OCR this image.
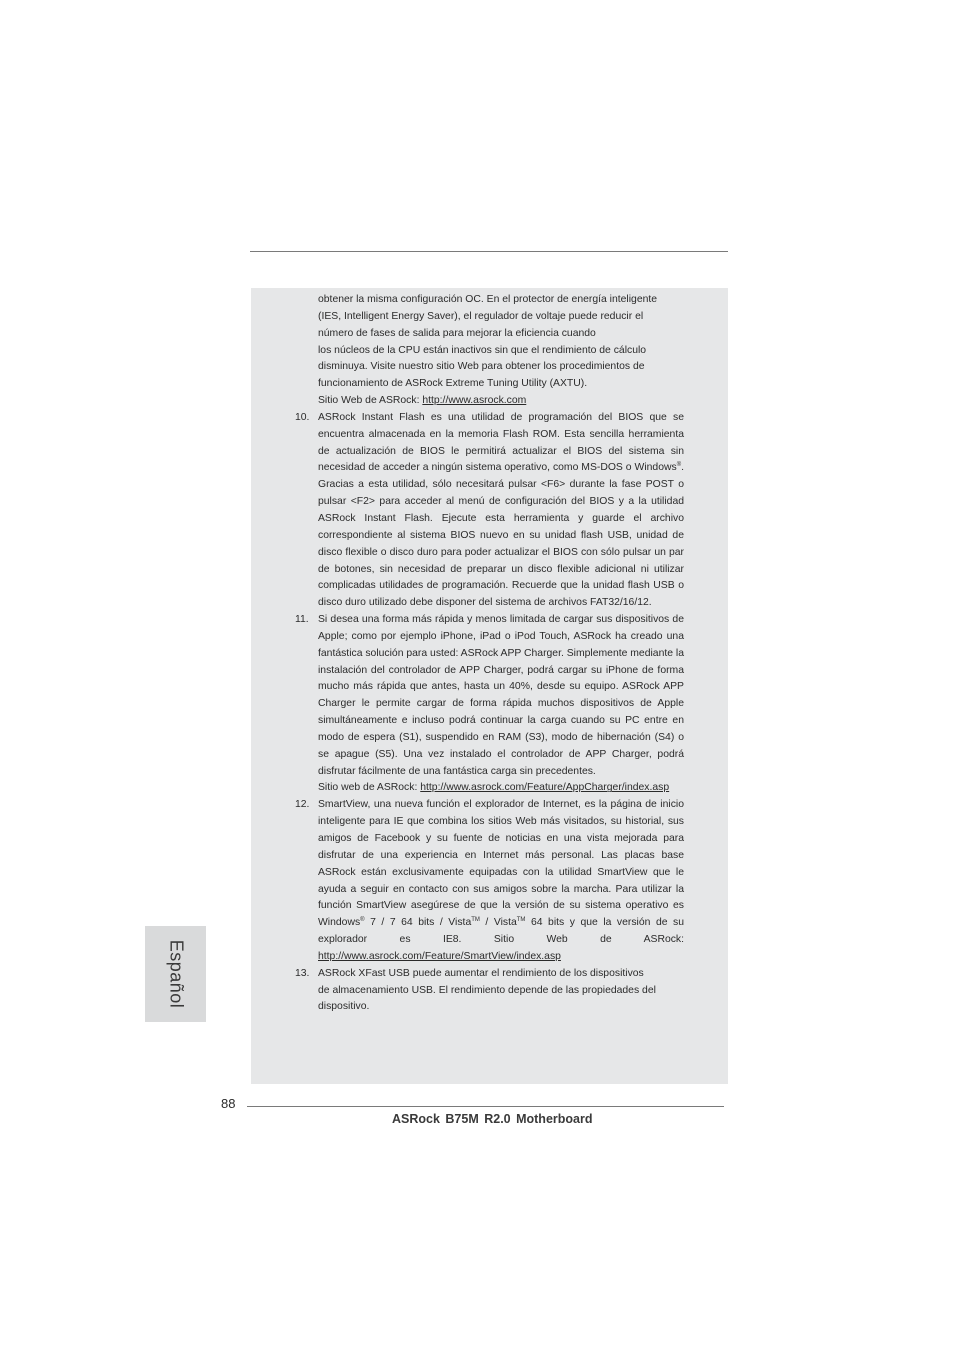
obtener la misma configuración OC. En el protector de energía inteligente

(IES, Intelligent Energy Saver), el regulador de voltaje puede reducir el

número de fases de salida para mejorar la eficiencia cuando

los núcleos de la CPU están inactivos sin que el rendimiento de cálculo

disminuya. Visite nuestro sitio Web para obtener los procedimientos de

funcionamiento de ASRock Extreme Tuning Utility (AXTU).

Sitio Web de ASRock: http://www.asrock.com

10. ASRock Instant Flash es una utilidad de programación del BIOS que se encuentra almacenada en la memoria Flash ROM. Esta sencilla herramienta de actualización de BIOS le permitirá actualizar el BIOS del sistema sin necesidad de acceder a ningún sistema operativo, como MS-DOS o Windows®. Gracias a esta utilidad, sólo necesitará pulsar <F6> durante la fase POST o pulsar <F2> para acceder al menú de configuración del BIOS y a la utilidad ASRock Instant Flash. Ejecute esta herramienta y guarde el archivo correspondiente al sistema BIOS nuevo en su unidad flash USB, unidad de disco flexible o disco duro para poder actualizar el BIOS con sólo pulsar un par de botones, sin necesidad de preparar un disco flexible adicional ni utilizar complicadas utilidades de programación. Recuerde que la unidad flash USB o disco duro utilizado debe disponer del sistema de archivos FAT32/16/12.

11. Si desea una forma más rápida y menos limitada de cargar sus dispositivos de Apple; como por ejemplo iPhone, iPad o iPod Touch, ASRock ha creado una fantástica solución para usted: ASRock APP Charger. Simplemente mediante la instalación del controlador de APP Charger, podrá cargar su iPhone de forma mucho más rápida que antes, hasta un 40%, desde su equipo. ASRock APP Charger le permite cargar de forma rápida muchos dispositivos de Apple simultáneamente e incluso podrá continuar la carga cuando su PC entre en modo de espera (S1), suspendido en RAM (S3), modo de hibernación (S4) o se apague (S5). Una vez instalado el controlador de APP Charger, podrá disfrutar fácilmente de una fantástica carga sin precedentes.

Sitio web de ASRock: http://www.asrock.com/Feature/AppCharger/index.asp

12. SmartView, una nueva función el explorador de Internet, es la página de inicio inteligente para IE que combina los sitios Web más visitados, su historial, sus amigos de Facebook y su fuente de noticias en una vista mejorada para disfrutar de una experiencia en Internet más personal. Las placas base ASRock están exclusivamente equipadas con la utilidad SmartView que le ayuda a seguir en contacto con sus amigos sobre la marcha. Para utilizar la función SmartView asegúrese de que la versión de su sistema operativo es Windows® 7 / 7 64 bits / Vista™ / Vista™ 64 bits y que la versión de su explorador es IE8. Sitio Web de ASRock: http://www.asrock.com/Feature/SmartView/index.asp

13. ASRock XFast USB puede aumentar el rendimiento de los dispositivos

de almacenamiento USB. El rendimiento depende de las propiedades del

dispositivo.

Español
88
ASRock B75M R2.0 Motherboard
